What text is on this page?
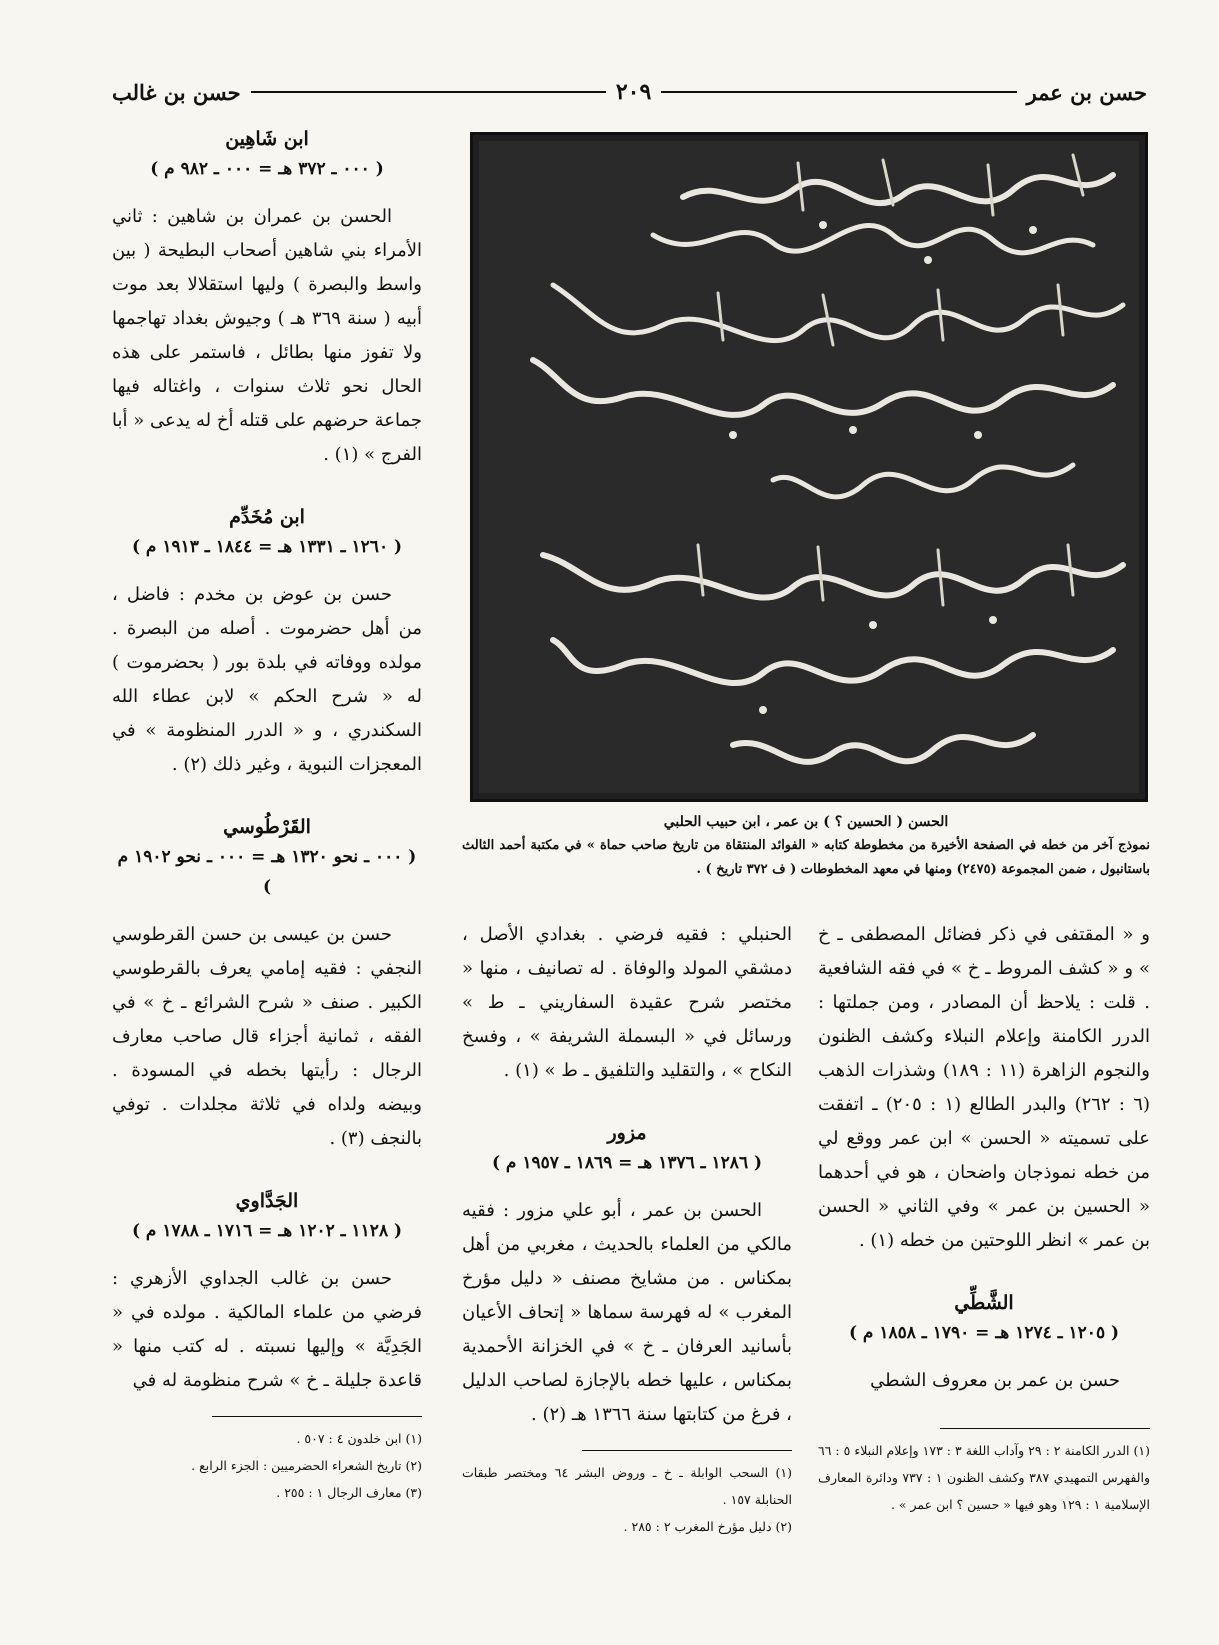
حسن بن عمر
٢٠٩
حسن بن غالب
الحسن ( الحسين ؟ ) بن عمر ، ابن حبيب الحلبي
نموذج آخر من خطه في الصفحة الأخيرة من مخطوطة كتابه « الفوائد المنتقاة من تاريخ صاحب حماة » في مكتبة أحمد الثالث باستانبول ، ضمن المجموعة (٢٤٧٥) ومنها في معهد المخطوطات ( ف ٣٧٢ تاريخ ) .
ابن شَاهِين
( ٠٠٠ ـ ٣٧٢ هـ = ٠٠٠ ـ ٩٨٢ م )

الحسن بن عمران بن شاهين : ثاني الأمراء بني شاهين أصحاب البطيحة ( بين واسط والبصرة ) وليها استقلالا بعد موت أبيه ( سنة ٣٦٩ هـ ) وجيوش بغداد تهاجمها ولا تفوز منها بطائل ، فاستمر على هذه الحال نحو ثلاث سنوات ، واغتاله فيها جماعة حرضهم على قتله أخ له يدعى « أبا الفرج » (١) .

ابن مُخَدِّم
( ١٢٦٠ ـ ١٣٣١ هـ = ١٨٤٤ ـ ١٩١٣ م )

حسن بن عوض بن مخدم : فاضل ، من أهل حضرموت . أصله من البصرة . مولده ووفاته في بلدة بور ( بحضرموت ) له « شرح الحكم » لابن عطاء الله السكندري ، و « الدرر المنظومة » في المعجزات النبوية ، وغير ذلك (٢) .

القَرْطُوسي
( ٠٠٠ ـ نحو ١٣٢٠ هـ = ٠٠٠ ـ نحو ١٩٠٢ م )

حسن بن عيسى بن حسن القرطوسي النجفي : فقيه إمامي يعرف بالقرطوسي الكبير . صنف « شرح الشرائع ـ خ » في الفقه ، ثمانية أجزاء قال صاحب معارف الرجال : رأيتها بخطه في المسودة . وبيضه ولداه في ثلاثة مجلدات . توفي بالنجف (٣) .

الجَدَّاوي
( ١١٢٨ ـ ١٢٠٢ هـ = ١٧١٦ ـ ١٧٨٨ م )

حسن بن غالب الجداوي الأزهري : فرضي من علماء المالكية . مولده في « الجَدِيَّة » وإليها نسبته . له كتب منها « قاعدة جليلة ـ خ » شرح منظومة له في

(١) ابن خلدون ٤ : ٥٠٧ .

(٢) تاريخ الشعراء الحضرميين : الجزء الرابع .

(٣) معارف الرجال ١ : ٢٥٥ .

و « المقتفى في ذكر فضائل المصطفى ـ خ » و « كشف المروط ـ خ » في فقه الشافعية . قلت : يلاحظ أن المصادر ، ومن جملتها : الدرر الكامنة وإعلام النبلاء وكشف الظنون والنجوم الزاهرة (١١ : ١٨٩) وشذرات الذهب (٦ : ٢٦٢) والبدر الطالع (١ : ٢٠٥) ـ اتفقت على تسميته « الحسن » ابن عمر ووقع لي من خطه نموذجان واضحان ، هو في أحدهما « الحسين بن عمر » وفي الثاني « الحسن بن عمر » انظر اللوحتين من خطه (١) .

الشَّطِّي
( ١٢٠٥ ـ ١٢٧٤ هـ = ١٧٩٠ ـ ١٨٥٨ م )

حسن بن عمر بن معروف الشطي

(١) الدرر الكامنة ٢ : ٢٩ وآداب اللغة ٣ : ١٧٣ وإعلام النبلاء ٥ : ٦٦ والفهرس التمهيدي ٣٨٧ وكشف الظنون ١ : ٧٣٧ ودائرة المعارف الإسلامية ١ : ١٢٩ وهو فيها « حسين ؟ ابن عمر » .

الحنبلي : فقيه فرضي . بغدادي الأصل ، دمشقي المولد والوفاة . له تصانيف ، منها « مختصر شرح عقيدة السفاريني ـ ط » ورسائل في « البسملة الشريفة » ، وفسخ النكاح » ، والتقليد والتلفيق ـ ط » (١) .

مزور
( ١٢٨٦ ـ ١٣٧٦ هـ = ١٨٦٩ ـ ١٩٥٧ م )

الحسن بن عمر ، أبو علي مزور : فقيه مالكي من العلماء بالحديث ، مغربي من أهل بمكناس . من مشايخ مصنف « دليل مؤرخ المغرب » له فهرسة سماها « إتحاف الأعيان بأسانيد العرفان ـ خ » في الخزانة الأحمدية بمكناس ، عليها خطه بالإجازة لصاحب الدليل ، فرغ من كتابتها سنة ١٣٦٦ هـ (٢) .

(١) السحب الوابلة ـ خ ـ وروض البشر ٦٤ ومختصر طبقات الحنابلة ١٥٧ .

(٢) دليل مؤرخ المغرب ٢ : ٢٨٥ .
